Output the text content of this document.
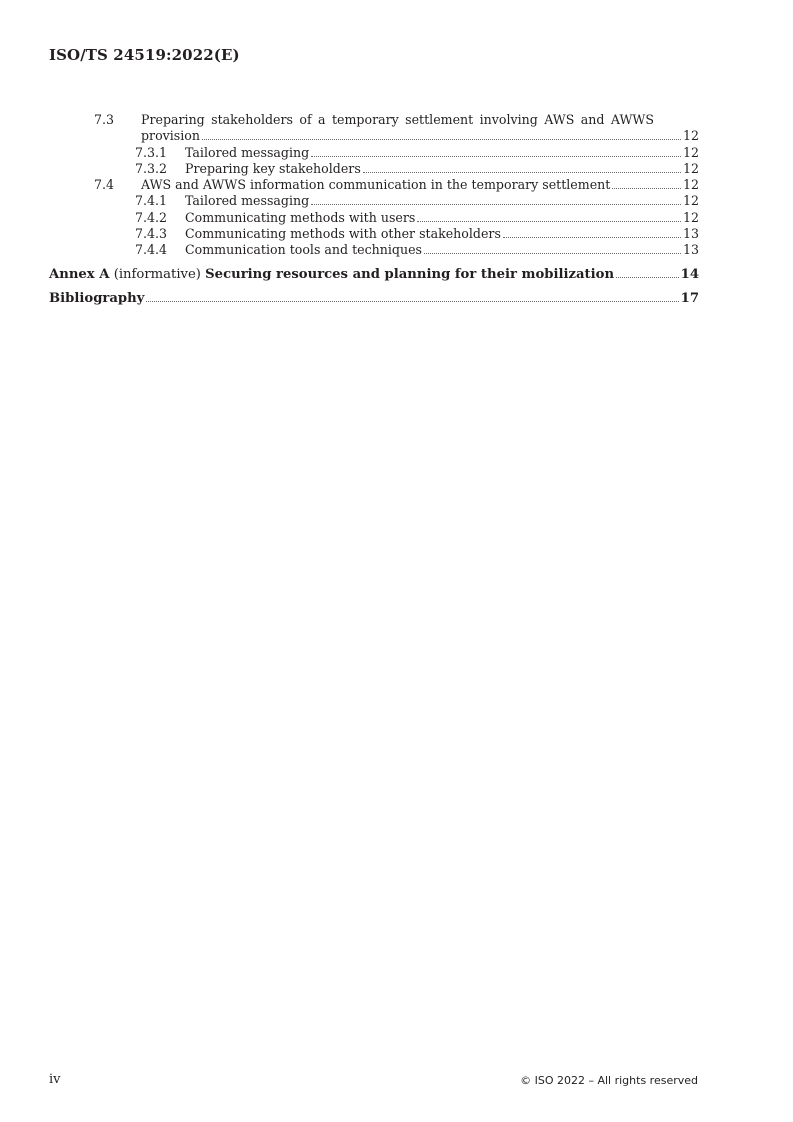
ISO/TS 24519:2022(E)
7.3	Preparing stakeholders of a temporary settlement involving AWS and AWWS
provision	12
7.3.1	Tailored messaging	12
7.3.2	Preparing key stakeholders	12
7.4	AWS and AWWS information communication in the temporary settlement	12
7.4.1	Tailored messaging	12
7.4.2	Communicating methods with users	12
7.4.3	Communicating methods with other stakeholders	13
7.4.4	Communication tools and techniques	13
Annex A (informative) Securing resources and planning for their mobilization	14
Bibliography	17
iv	© ISO 2022 – All rights reserved
